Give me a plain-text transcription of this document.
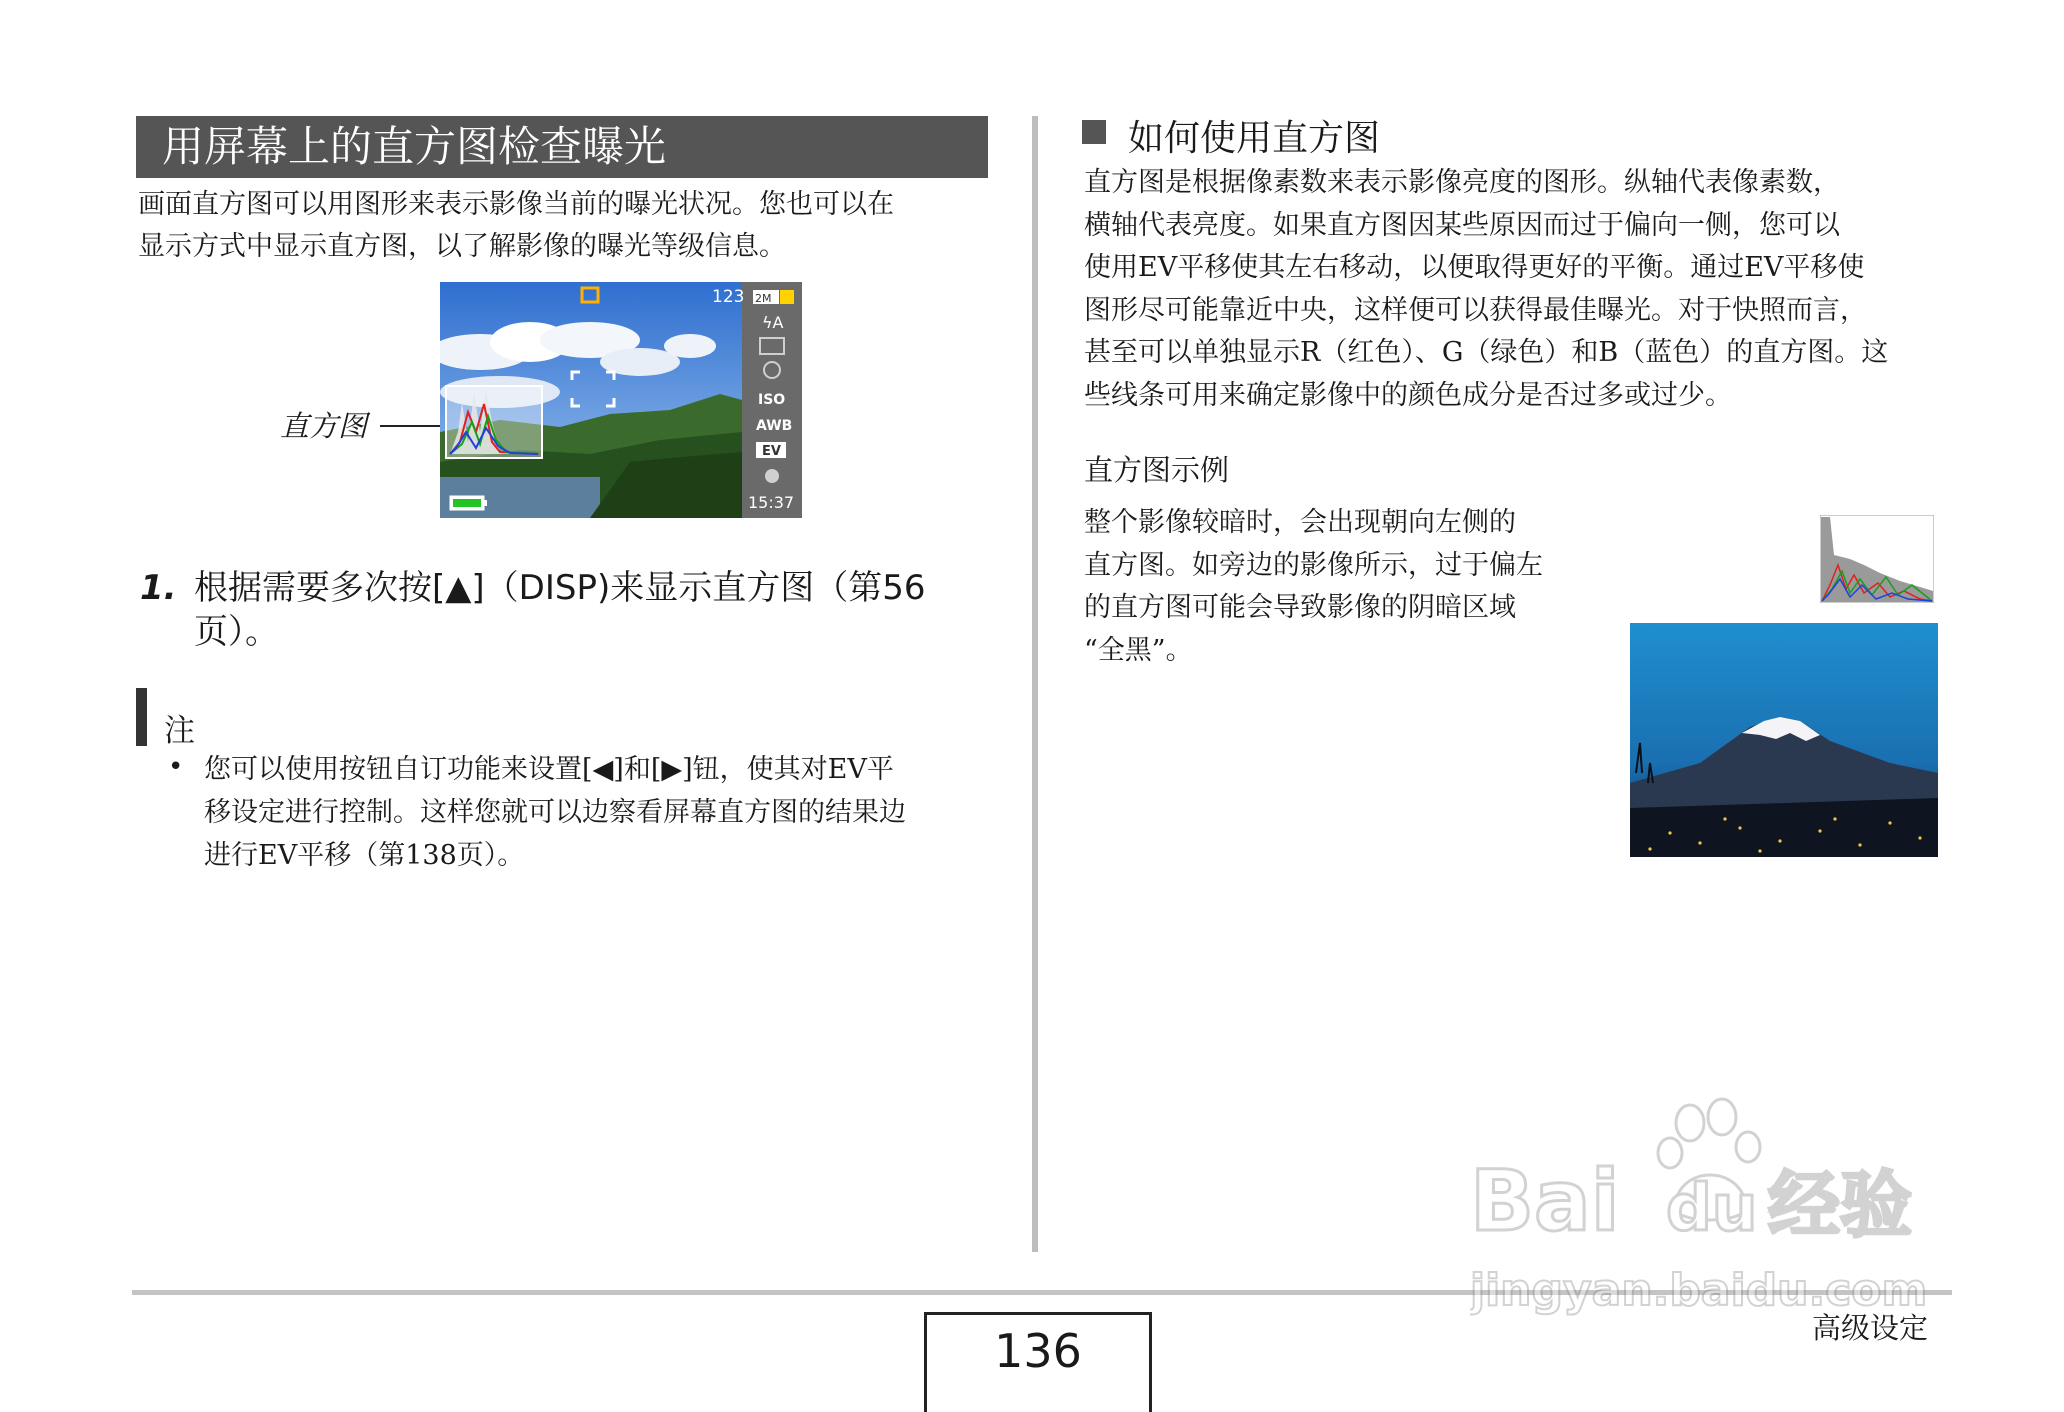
用屏幕上的直方图检查曝光

画面直方图可以用图形来表示影像当前的曝光状况。您也可以在

显示方式中显示直方图，以了解影像的曝光等级信息。

直方图
2M
ϟA
ISO
AWB
EV
15:37
123
1. 根据需要多次按[▲]（DISP)来显示直方图（第56页）。
注
• 您可以使用按钮自订功能来设置[◀]和[▶]钮，使其对EV平
移设定进行控制。这样您就可以边察看屏幕直方图的结果边
进行EV平移（第138页）。
如何使用直方图
直方图是根据像素数来表示影像亮度的图形。纵轴代表像素数，
横轴代表亮度。如果直方图因某些原因而过于偏向一侧，您可以
使用EV平移使其左右移动，以便取得更好的平衡。通过EV平移使
图形尽可能靠近中央，这样便可以获得最佳曝光。对于快照而言，
甚至可以单独显示R（红色）、G（绿色）和B（蓝色）的直方图。这
些线条可用来确定影像中的颜色成分是否过多或过少。
直方图示例
整个影像较暗时，会出现朝向左侧的
直方图。如旁边的影像所示，过于偏左
的直方图可能会导致影像的阴暗区域
“全黑”。
136	高级设定
Bai du 经验
jingyan.baidu.com
